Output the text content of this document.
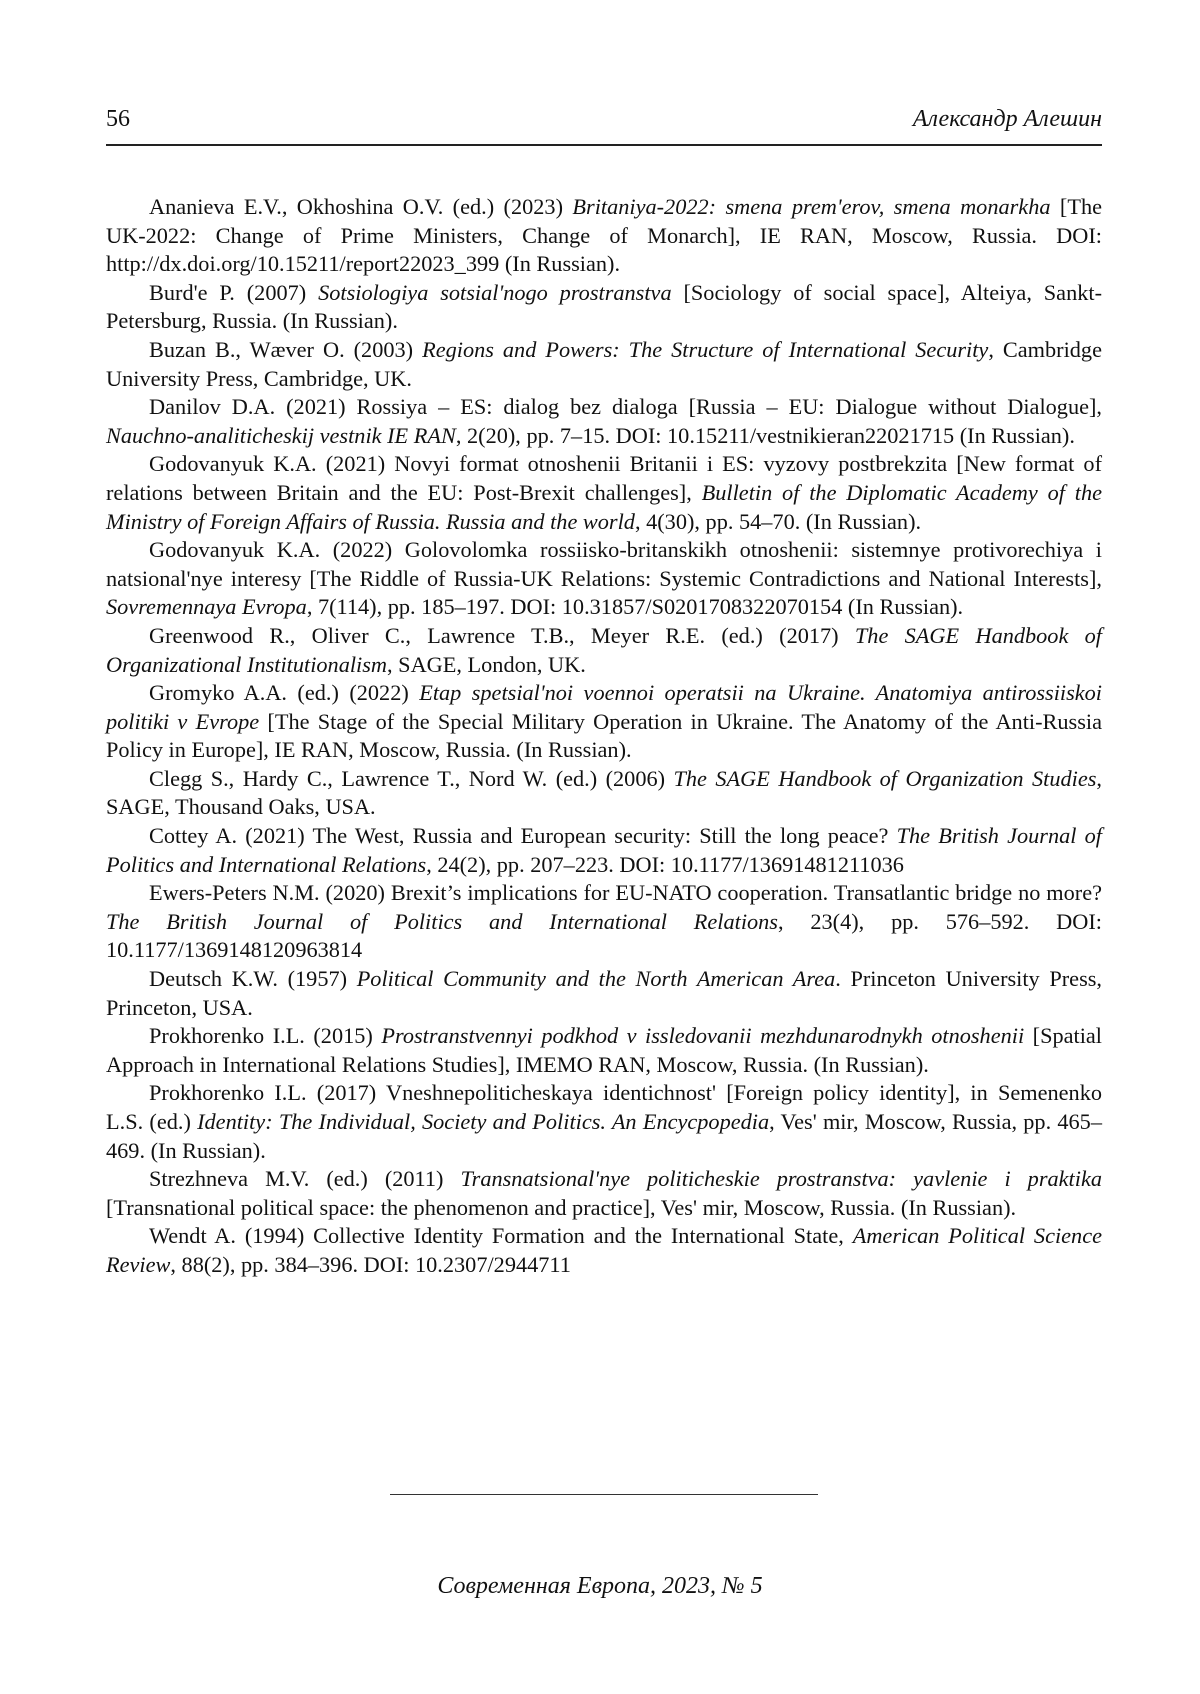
56	Александр Алешин

Ananieva E.V., Okhoshina O.V. (ed.) (2023) Britaniya-2022: smena prem'erov, smena monarkha [The UK-2022: Change of Prime Ministers, Change of Monarch], IE RAN, Moscow, Russia. DOI: http://dx.doi.org/10.15211/report22023_399 (In Russian).

Burd'e P. (2007) Sotsiologiya sotsial'nogo prostranstva [Sociology of social space], Alteiya, Sankt-Petersburg, Russia. (In Russian).

Buzan B., Wæver O. (2003) Regions and Powers: The Structure of International Security, Cambridge University Press, Cambridge, UK.

Danilov D.A. (2021) Rossiya – ES: dialog bez dialoga [Russia – EU: Dialogue without Dialogue], Nauchno-analiticheskij vestnik IE RAN, 2(20), pp. 7–15. DOI: 10.15211/vestnikieran22021715 (In Russian).

Godovanyuk K.A. (2021) Novyi format otnoshenii Britanii i ES: vyzovy postbrekzita [New format of relations between Britain and the EU: Post-Brexit challenges], Bulletin of the Diplomatic Academy of the Ministry of Foreign Affairs of Russia. Russia and the world, 4(30), pp. 54–70. (In Russian).

Godovanyuk K.A. (2022) Golovolomka rossiisko-britanskikh otnoshenii: sistemnye protivorechiya i natsional'nye interesy [The Riddle of Russia-UK Relations: Systemic Contradictions and National Interests], Sovremennaya Evropa, 7(114), pp. 185–197. DOI: 10.31857/S0201708322070154 (In Russian).

Greenwood R., Oliver C., Lawrence T.B., Meyer R.E. (ed.) (2017) The SAGE Handbook of Organizational Institutionalism, SAGE, London, UK.

Gromyko A.A. (ed.) (2022) Etap spetsial'noi voennoi operatsii na Ukraine. Anatomiya antirossiiskoi politiki v Evrope [The Stage of the Special Military Operation in Ukraine. The Anatomy of the Anti-Russia Policy in Europe], IE RAN, Moscow, Russia. (In Russian).

Clegg S., Hardy C., Lawrence T., Nord W. (ed.) (2006) The SAGE Handbook of Organization Studies, SAGE, Thousand Oaks, USA.

Cottey A. (2021) The West, Russia and European security: Still the long peace? The British Journal of Politics and International Relations, 24(2), pp. 207–223. DOI: 10.1177/13691481211036

Ewers-Peters N.M. (2020) Brexit’s implications for EU-NATO cooperation. Transatlantic bridge no more? The British Journal of Politics and International Relations, 23(4), pp. 576–592. DOI: 10.1177/1369148120963814

Deutsch K.W. (1957) Political Community and the North American Area. Princeton University Press, Princeton, USA.

Prokhorenko I.L. (2015) Prostranstvennyi podkhod v issledovanii mezhdunarodnykh otnoshenii [Spatial Approach in International Relations Studies], IMEMO RAN, Moscow, Russia. (In Russian).

Prokhorenko I.L. (2017) Vneshnepoliticheskaya identichnost' [Foreign policy identity], in Semenenko L.S. (ed.) Identity: The Individual, Society and Politics. An Encycpopedia, Ves' mir, Moscow, Russia, pp. 465–469. (In Russian).

Strezhneva M.V. (ed.) (2011) Transnatsional'nye politicheskie prostranstva: yavlenie i praktika [Transnational political space: the phenomenon and practice], Ves' mir, Moscow, Russia. (In Russian).

Wendt A. (1994) Collective Identity Formation and the International State, American Political Science Review, 88(2), pp. 384–396. DOI: 10.2307/2944711

Современная Европа, 2023, № 5
